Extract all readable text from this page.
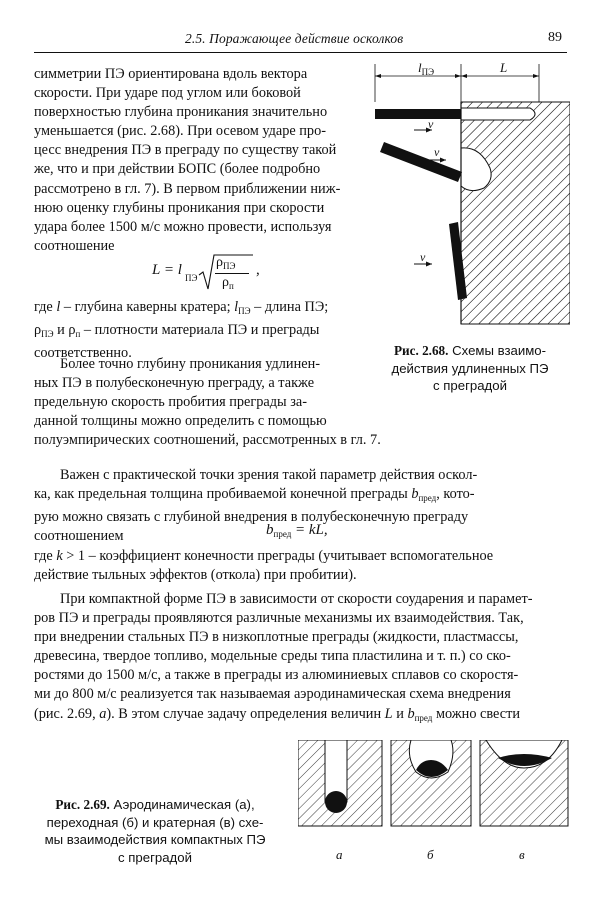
2.5. Поражающее действие осколков	89
симметрии ПЭ ориентирована вдоль вектора
скорости. При ударе под углом или боковой
поверхностью глубина проникания значительно
уменьшается (рис. 2.68). При осевом ударе про-
цесс внедрения ПЭ в преграду по существу такой
же, что и при действии БОПС (более подробно
рассмотрено в гл. 7). В первом приближении ниж-
нюю оценку глубины проникания при скорости
удара более 1500 м/с можно провести, используя
соотношение
L = l ПЭ
$\rho_{ПЭ}$
$\rho_п$
,
где l – глубина каверны кратера; $l_{ПЭ}$ – длина ПЭ;
$\rho_{ПЭ}$ и $\rho_п$ – плотности материала ПЭ и преграды
соответственно.
Более точно глубину проникания удлинен-
ных ПЭ в полубесконечную преграду, а также
предельную скорость пробития преграды за-
данной толщины можно определить с помощью
полуэмпирических соотношений, рассмотренных в гл. 7.
Важен с практической точки зрения такой параметр действия оскол-
ка, как предельная толщина пробиваемой конечной преграды $b_{пред}$, кото-
рую можно связать с глубиной внедрения в полубесконечную преграду
соотношением	$b_{пред}$ = kL,
где k > 1 – коэффициент конечности преграды (учитывает вспомогательное
действие тыльных эффектов (откола) при пробитии).
При компактной форме ПЭ в зависимости от скорости соударения и парамет-
ров ПЭ и преграды проявляются различные механизмы их взаимодействия. Так,
при внедрении стальных ПЭ в низкоплотные преграды (жидкости, пластмассы,
древесина, твердое топливо, модельные среды типа пластилина и т. п.) со ско-
ростями до 1500 м/с, а также в преграды из алюминиевых сплавов со скоростя-
ми до 800 м/с реализуется так называемая аэродинамическая схема внедрения
(рис. 2.69, а). В этом случае задачу определения величин L и $b_{пред}$ можно свести
$l_{ПЭ}$	L
v
v
v
Рис. 2.68. Схемы взаимо-
действия удлиненных ПЭ
с преградой
а	б	в
Рис. 2.69. Аэродинамическая (а),
переходная (б) и кратерная (в) схе-
мы взаимодействия компактных ПЭ
с преградой
